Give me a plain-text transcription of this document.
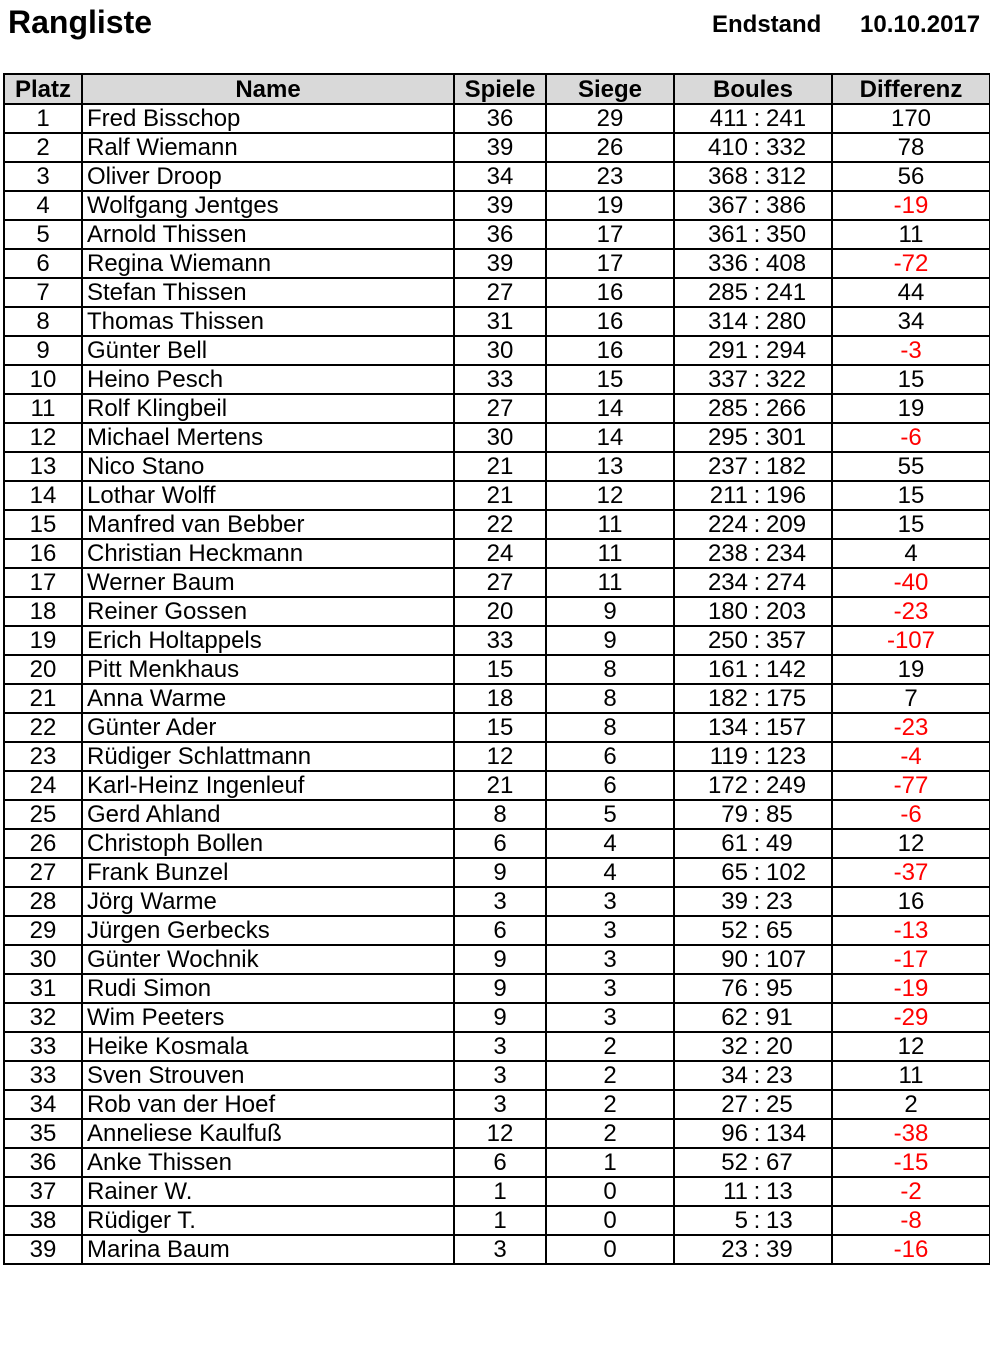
Rangliste	Endstand 10.10.2017
Platz	Name	Spiele	Siege	Boules	Differenz
1	Fred Bisschop	36	29	411 : 241	170
2	Ralf Wiemann	39	26	410 : 332	78
3	Oliver Droop	34	23	368 : 312	56
4	Wolfgang Jentges	39	19	367 : 386	-19
5	Arnold Thissen	36	17	361 : 350	11
6	Regina Wiemann	39	17	336 : 408	-72
7	Stefan Thissen	27	16	285 : 241	44
8	Thomas Thissen	31	16	314 : 280	34
9	Günter Bell	30	16	291 : 294	-3
10	Heino Pesch	33	15	337 : 322	15
11	Rolf Klingbeil	27	14	285 : 266	19
12	Michael Mertens	30	14	295 : 301	-6
13	Nico Stano	21	13	237 : 182	55
14	Lothar Wolff	21	12	211 : 196	15
15	Manfred van Bebber	22	11	224 : 209	15
16	Christian Heckmann	24	11	238 : 234	4
17	Werner Baum	27	11	234 : 274	-40
18	Reiner Gossen	20	9	180 : 203	-23
19	Erich Holtappels	33	9	250 : 357	-107
20	Pitt Menkhaus	15	8	161 : 142	19
21	Anna Warme	18	8	182 : 175	7
22	Günter Ader	15	8	134 : 157	-23
23	Rüdiger Schlattmann	12	6	119 : 123	-4
24	Karl-Heinz Ingenleuf	21	6	172 : 249	-77
25	Gerd Ahland	8	5	79 : 85	-6
26	Christoph Bollen	6	4	61 : 49	12
27	Frank Bunzel	9	4	65 : 102	-37
28	Jörg Warme	3	3	39 : 23	16
29	Jürgen Gerbecks	6	3	52 : 65	-13
30	Günter Wochnik	9	3	90 : 107	-17
31	Rudi Simon	9	3	76 : 95	-19
32	Wim Peeters	9	3	62 : 91	-29
33	Heike Kosmala	3	2	32 : 20	12
33	Sven Strouven	3	2	34 : 23	11
34	Rob van der Hoef	3	2	27 : 25	2
35	Anneliese Kaulfuß	12	2	96 : 134	-38
36	Anke Thissen	6	1	52 : 67	-15
37	Rainer W.	1	0	11 : 13	-2
38	Rüdiger T.	1	0	5 : 13	-8
39	Marina Baum	3	0	23 : 39	-16
